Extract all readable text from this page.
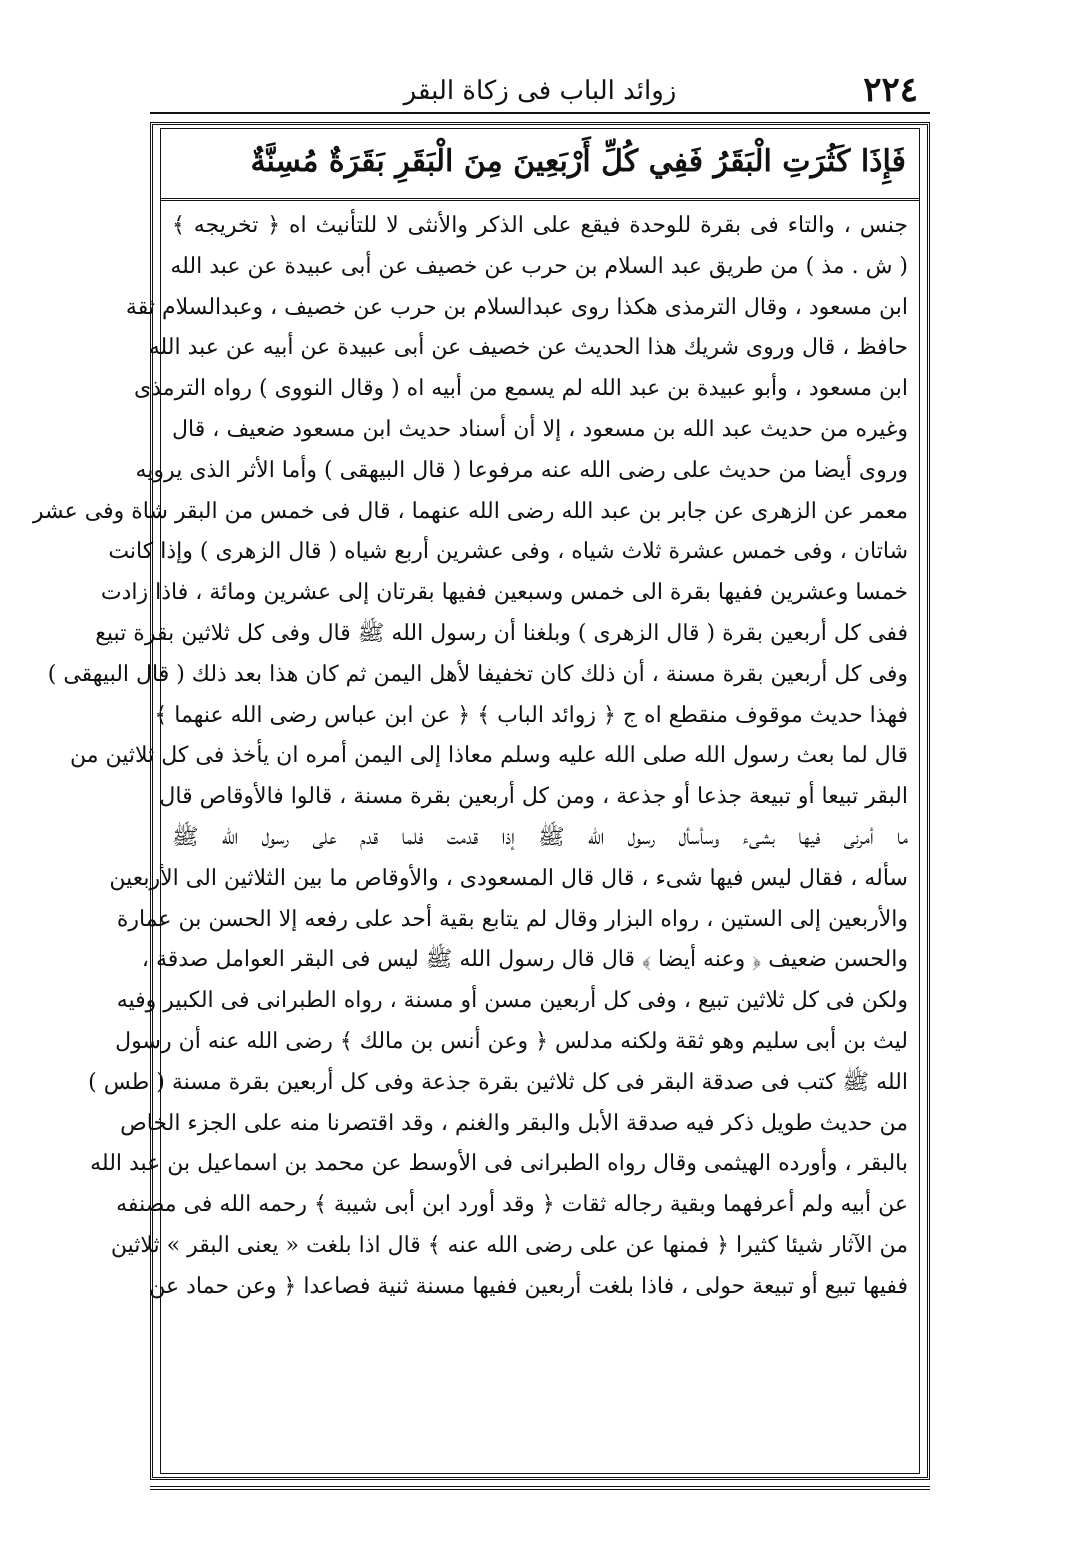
٢٢٤
زوائد الباب فى زكاة البقر
فَإِذَا كَثُرَتِ الْبَقَرُ فَفِي كُلِّ أَرْبَعِينَ مِنَ الْبَقَرِ بَقَرَةٌ مُسِنَّةٌ
جنس ، والتاء فى بقرة للوحدة فيقع على الذكر والأنثى لا للتأنيث اه ﴿ تخريجه ﴾
( ش . مذ ) من طريق عبد السلام بن حرب عن خصيف عن أبى عبيدة عن عبد الله
ابن مسعود ، وقال الترمذى هكذا روى عبدالسلام بن حرب عن خصيف ، وعبدالسلام ثقة
حافظ ، قال وروى شريك هذا الحديث عن خصيف عن أبى عبيدة عن أبيه عن عبد الله
ابن مسعود ، وأبو عبيدة بن عبد الله لم يسمع من أبيه اه ( وقال النووى ) رواه الترمذى
وغيره من حديث عبد الله بن مسعود ، إلا أن أسناد حديث ابن مسعود ضعيف ، قال
وروى أيضا من حديث على رضى الله عنه مرفوعا ( قال البيهقى ) وأما الأثر الذى يرويه
معمر عن الزهرى عن جابر بن عبد الله رضى الله عنهما ، قال فى خمس من البقر شاة وفى عشر
شاتان ، وفى خمس عشرة ثلاث شياه ، وفى عشرين أربع شياه ( قال الزهرى ) وإذا كانت
خمسا وعشرين ففيها بقرة الى خمس وسبعين ففيها بقرتان إلى عشرين ومائة ، فاذا زادت
ففى كل أربعين بقرة ( قال الزهرى ) وبلغنا أن رسول الله ﷺ قال وفى كل ثلاثين بقرة تبيع
وفى كل أربعين بقرة مسنة ، أن ذلك كان تخفيفا لأهل اليمن ثم كان هذا بعد ذلك ( قال البيهقى )
فهذا حديث موقوف منقطع اه ج ﴿ زوائد الباب ﴾ ﴿ عن ابن عباس رضى الله عنهما ﴾
قال لما بعث رسول الله صلى الله عليه وسلم معاذا إلى اليمن أمره ان يأخذ فى كل ثلاثين من
البقر تبيعا أو تبيعة جذعا أو جذعة ، ومن كل أربعين بقرة مسنة ، قالوا فالأوقاص قال
ما أمرنى فيها بشىء وسأسأل رسول الله ﷺ إذا قدمت فلما قدم على رسول الله ﷺ
سأله ، فقال ليس فيها شىء ، قال قال المسعودى ، والأوقاص ما بين الثلاثين الى الأربعين
والأربعين إلى الستين ، رواه البزار وقال لم يتابع بقية أحد على رفعه إلا الحسن بن عمارة
والحسن ضعيف ﴿ وعنه أيضا ﴾ قال قال رسول الله ﷺ ليس فى البقر العوامل صدقة ،
ولكن فى كل ثلاثين تبيع ، وفى كل أربعين مسن أو مسنة ، رواه الطبرانى فى الكبير وفيه
ليث بن أبى سليم وهو ثقة ولكنه مدلس ﴿ وعن أنس بن مالك ﴾ رضى الله عنه أن رسول
الله ﷺ كتب فى صدقة البقر فى كل ثلاثين بقرة جذعة وفى كل أربعين بقرة مسنة ( طس )
من حديث طويل ذكر فيه صدقة الأبل والبقر والغنم ، وقد اقتصرنا منه على الجزء الخاص
بالبقر ، وأورده الهيثمى وقال رواه الطبرانى فى الأوسط عن محمد بن اسماعيل بن عبد الله
عن أبيه ولم أعرفهما وبقية رجاله ثقات ﴿ وقد أورد ابن أبى شيبة ﴾ رحمه الله فى مصنفه
من الآثار شيئا كثيرا ﴿ فمنها عن على رضى الله عنه ﴾ قال اذا بلغت « يعنى البقر » ثلاثين
ففيها تبيع أو تبيعة حولى ، فاذا بلغت أربعين ففيها مسنة ثنية فصاعدا ﴿ وعن حماد عن
